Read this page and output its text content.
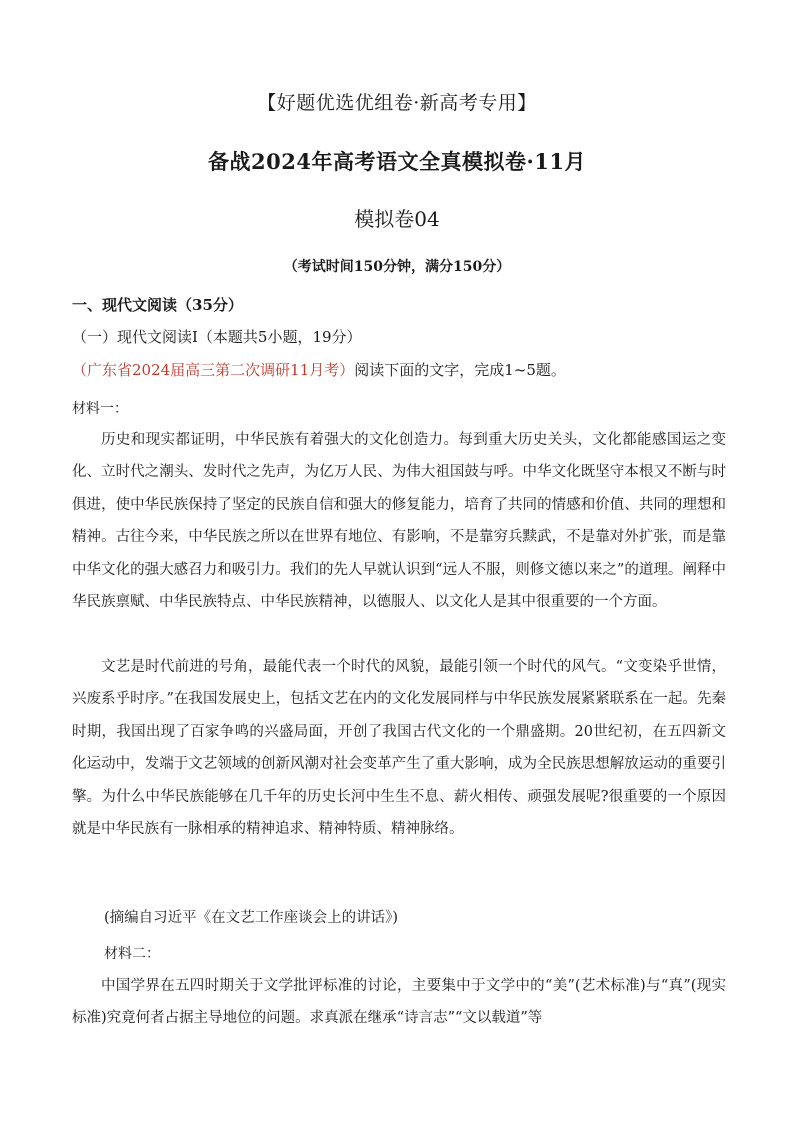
【好题优选优组卷·新高考专用】
备战2024年高考语文全真模拟卷·11月
模拟卷04
（考试时间150分钟，满分150分）
一、现代文阅读（35分）
（一）现代文阅读Ⅰ（本题共5小题，19分）
（广东省2024届高三第二次调研11月考）阅读下面的文字，完成1~5题。
材料一：

历史和现实都证明，中华民族有着强大的文化创造力。每到重大历史关头，文化都能感国运之变化、立时代之潮头、发时代之先声，为亿万人民、为伟大祖国鼓与呼。中华文化既坚守本根又不断与时俱进，使中华民族保持了坚定的民族自信和强大的修复能力，培育了共同的情感和价值、共同的理想和精神。古往今来，中华民族之所以在世界有地位、有影响，不是靠穷兵黩武，不是靠对外扩张，而是靠中华文化的强大感召力和吸引力。我们的先人早就认识到“远人不服，则修文德以来之”的道理。阐释中华民族禀赋、中华民族特点、中华民族精神，以德服人、以文化人是其中很重要的一个方面。

文艺是时代前进的号角，最能代表一个时代的风貌，最能引领一个时代的风气。“文变染乎世情，兴废系乎时序。”在我国发展史上，包括文艺在内的文化发展同样与中华民族发展紧紧联系在一起。先秦时期，我国出现了百家争鸣的兴盛局面，开创了我国古代文化的一个鼎盛期。20世纪初，在五四新文化运动中，发端于文艺领域的创新风潮对社会变革产生了重大影响，成为全民族思想解放运动的重要引擎。为什么中华民族能够在几千年的历史长河中生生不息、薪火相传、顽强发展呢?很重要的一个原因就是中华民族有一脉相承的精神追求、精神特质、精神脉络。

(摘编自习近平《在文艺工作座谈会上的讲话》)
材料二：

中国学界在五四时期关于文学批评标准的讨论，主要集中于文学中的“美”(艺术标准)与“真”(现实标准)究竟何者占据主导地位的问题。求真派在继承“诗言志”“文以载道”等
